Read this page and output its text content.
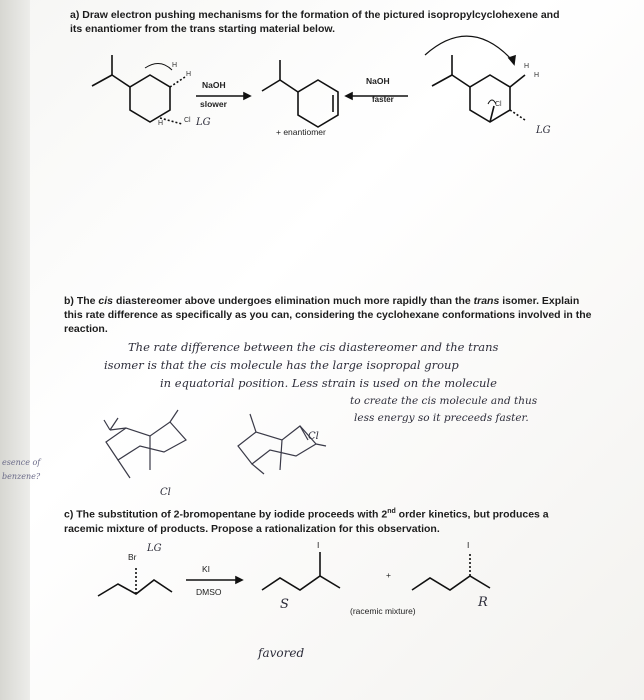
a) Draw electron pushing mechanisms for the formation of the pictured isopropylcyclohexene and its enantiomer from the trans starting material below.
H
H
H
H
H
Cl
Cl
LG
LG
NaOH
slower
NaOH
faster
+ enantiomer
b) The cis diastereomer above undergoes elimination much more rapidly than the trans isomer. Explain this rate difference as specifically as you can, considering the cyclohexane conformations involved in the reaction.
The rate difference between the cis diastereomer and the trans
isomer is that the cis molecule has the large isopropal group
in equatorial position. Less strain is used on the molecule
to create the cis molecule and thus
less energy so it preceeds faster.
esence of
benzene?
Cl
Cl
c) The substitution of 2-bromopentane by iodide proceeds with 2nd order kinetics, but produces a racemic mixture of products. Propose a rationalization for this observation.
Br
LG
KI
DMSO
I	I
+
(racemic mixture)
S	R
favored
